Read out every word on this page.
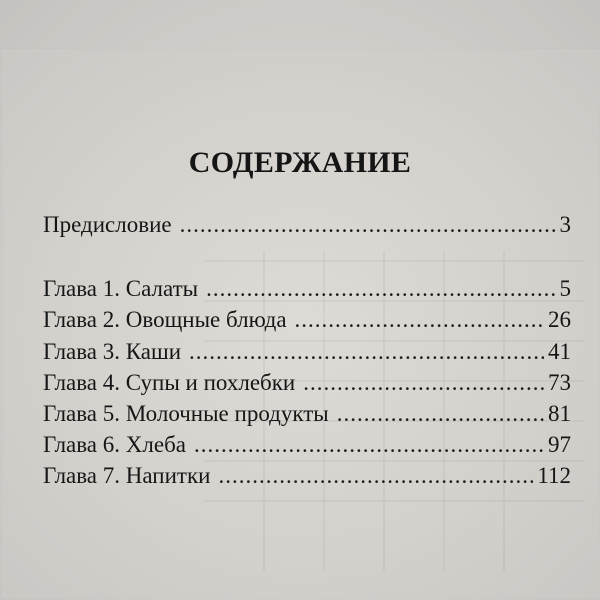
СОДЕРЖАНИЕ
Предисловие .....	3
Глава 1. Салаты .....	5
Глава 2. Овощные блюда .....	26
Глава 3. Каши .....	41
Глава 4. Супы и похлебки .....	73
Глава 5. Молочные продукты .....	81
Глава 6. Хлеба .....	97
Глава 7. Напитки .....	112
